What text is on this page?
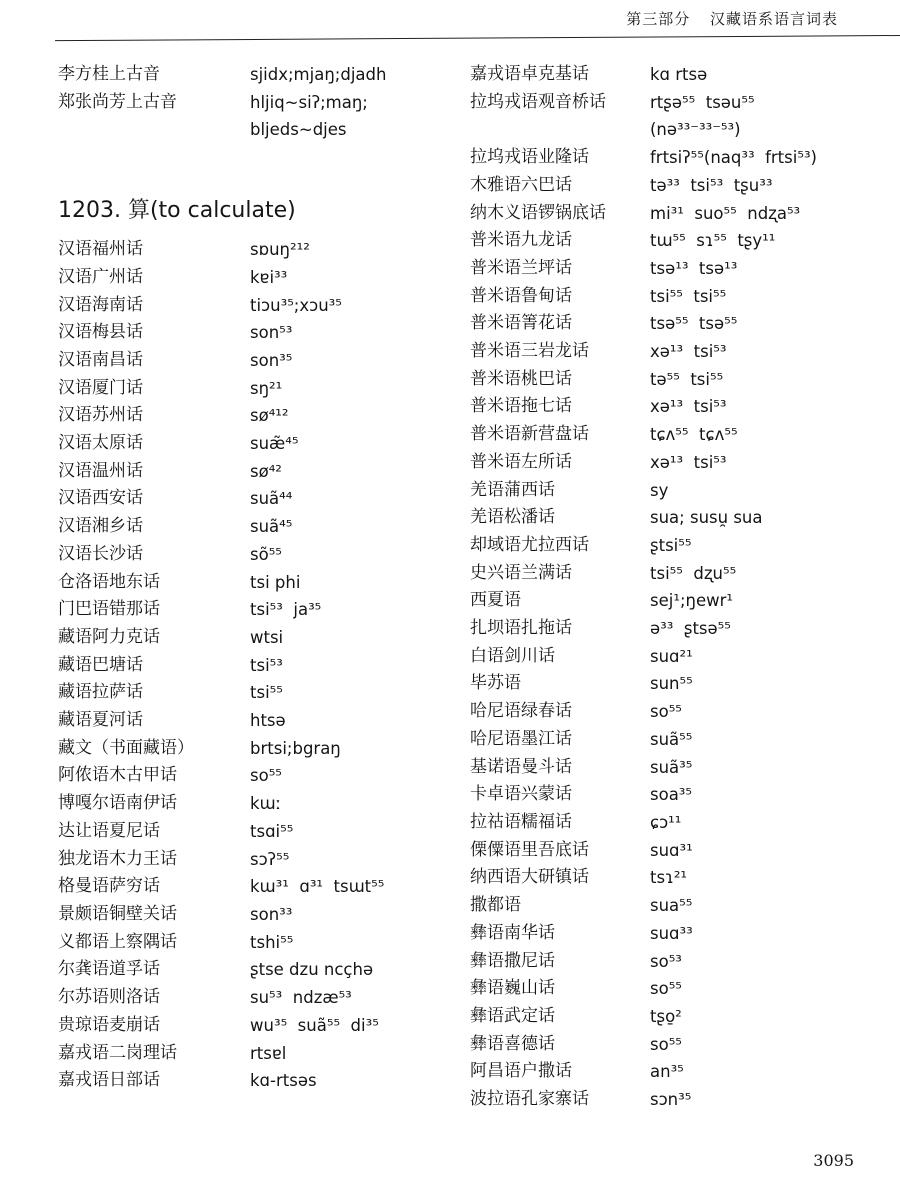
第三部分 汉藏语系语言词表
李方桂上古音	sjidx;mjaŋ;djadh
郑张尚芳上古音	hljiq~siʔ;maŋ;
bljeds~djes
1203. 算(to calculate)
汉语福州话	sɒuŋ²¹²
汉语广州话	kɐi³³
汉语海南话	tiɔu³⁵;xɔu³⁵
汉语梅县话	son⁵³
汉语南昌话	son³⁵
汉语厦门话	sŋ²¹
汉语苏州话	sø⁴¹²
汉语太原话	suæ̃⁴⁵
汉语温州话	sø⁴²
汉语西安话	suã⁴⁴
汉语湘乡话	suã⁴⁵
汉语长沙话	sõ⁵⁵
仓洛语地东话	tsi phi
门巴语错那话	tsi⁵³  ja³⁵
藏语阿力克话	wtsi
藏语巴塘话	tsi⁵³
藏语拉萨话	tsi⁵⁵
藏语夏河话	htsə
藏文（书面藏语）	brtsi;bgraŋ
阿侬语木古甲话	so⁵⁵
博嘎尔语南伊话	kɯː
达让语夏尼话	tsɑi⁵⁵
独龙语木力王话	sɔʔ⁵⁵
格曼语萨穷话	kɯ³¹  ɑ³¹  tsɯt⁵⁵
景颇语铜壁关话	son³³
义都语上察隅话	tshi⁵⁵
尔龚语道孚话	ʂtse dzu ncçhə
尔苏语则洛话	su⁵³  ndzæ⁵³
贵琼语麦崩话	wu³⁵  suã⁵⁵  di³⁵
嘉戎语二岗理话	rtsɐl
嘉戎语日部话	kɑ-rtsəs
嘉戎语卓克基话	kɑ rtsə
拉坞戎语观音桥话	rtʂə⁵⁵  tsəu⁵⁵
(nə³³⁻³³⁻⁵³)
拉坞戎语业隆话	frtsiʔ⁵⁵(naq³³  frtsi⁵³)
木雅语六巴话	tə³³  tsi⁵³  tʂu³³
纳木义语锣锅底话	mi³¹  suo⁵⁵  ndʐa⁵³
普米语九龙话	tɯ⁵⁵  sɿ⁵⁵  tʂy¹¹
普米语兰坪话	tsə¹³  tsə¹³
普米语鲁甸话	tsi⁵⁵  tsi⁵⁵
普米语箐花话	tsə⁵⁵  tsə⁵⁵
普米语三岩龙话	xə¹³  tsi⁵³
普米语桃巴话	tə⁵⁵  tsi⁵⁵
普米语拖七话	xə¹³  tsi⁵³
普米语新营盘话	tɕʌ⁵⁵  tɕʌ⁵⁵
普米语左所话	xə¹³  tsi⁵³
羌语蒲西话	sy
羌语松潘话	sua; susu̯ sua
却域语尤拉西话	ʂtsi⁵⁵
史兴语兰满话	tsi⁵⁵  dʐu⁵⁵
西夏语	sej¹;ŋewr¹
扎坝语扎拖话	ə³³  ʂtsə⁵⁵
白语剑川话	suɑ²¹
毕苏语	sun⁵⁵
哈尼语绿春话	so⁵⁵
哈尼语墨江话	suã⁵⁵
基诺语曼斗话	suã³⁵
卡卓语兴蒙话	soa³⁵
拉祜语糯福话	ɕɔ¹¹
傈僳语里吾底话	suɑ³¹
纳西语大研镇话	tsɿ²¹
撒都语	sua⁵⁵
彝语南华话	suɑ³³
彝语撒尼话	so⁵³
彝语巍山话	so⁵⁵
彝语武定话	tʂo̱²
彝语喜德话	so⁵⁵
阿昌语户撒话	an³⁵
波拉语孔家寨话	sɔn³⁵
3095
